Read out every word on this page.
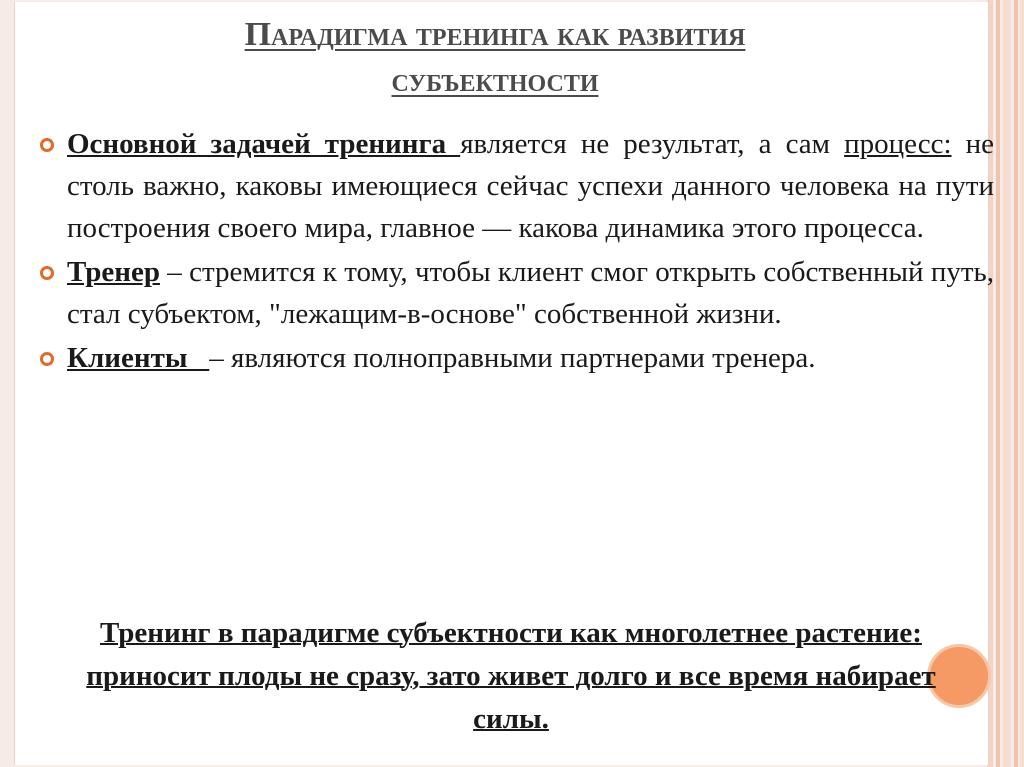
Парадигма тренинга как развития
субъектности
Основной задачей тренинга является не результат, а сам процесс: не столь важно, каковы имеющиеся сейчас успехи данного человека на пути построения своего мира, главное — какова динамика этого процесса.
Тренер – стремится к тому, чтобы клиент смог открыть собственный путь, стал субъектом, "лежащим-в-основе" собственной жизни.
Клиенты   – являются полноправными партнерами тренера.
Тренинг в парадигме субъектности как многолетнее растение: приносит плоды не сразу, зато живет долго и все время набирает силы.
